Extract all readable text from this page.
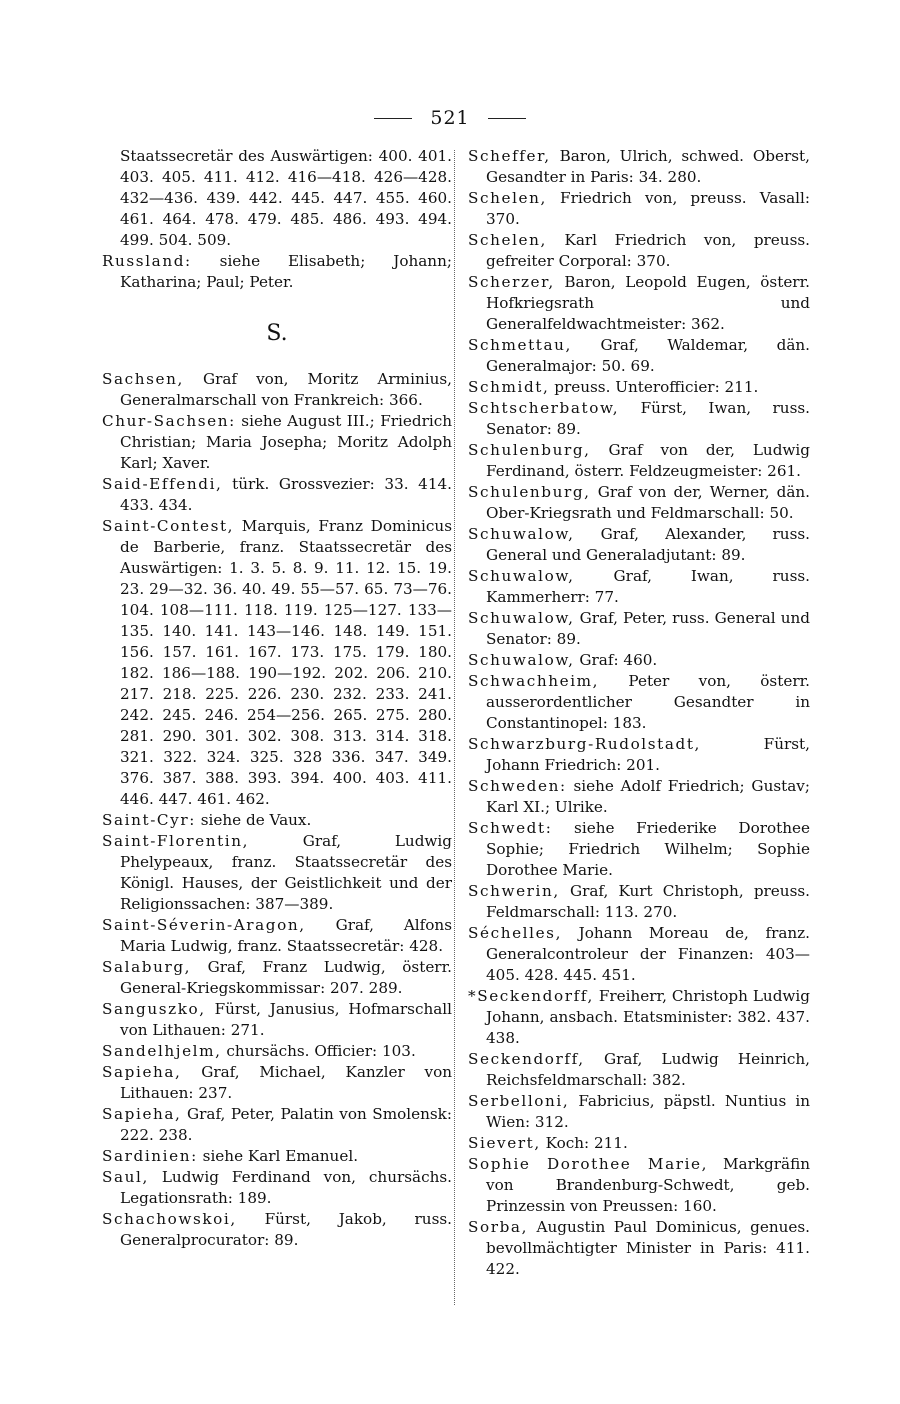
521

Staatssecretär des Auswärtigen: 400. 401. 403. 405. 411. 412. 416—418. 426—428. 432—436. 439. 442. 445. 447. 455. 460. 461. 464. 478. 479. 485. 486. 493. 494. 499. 504. 509.

Russland: siehe Elisabeth; Johann; Katharina; Paul; Peter.

S.

Sachsen, Graf von, Moritz Arminius, Generalmarschall von Frankreich: 366.

Chur-Sachsen: siehe August III.; Friedrich Christian; Maria Josepha; Moritz Adolph Karl; Xaver.

Said-Effendi, türk. Grossvezier: 33. 414. 433. 434.

Saint-Contest, Marquis, Franz Dominicus de Barberie, franz. Staatssecretär des Auswärtigen: 1. 3. 5. 8. 9. 11. 12. 15. 19. 23. 29—32. 36. 40. 49. 55—57. 65. 73—76. 104. 108—111. 118. 119. 125—127. 133—135. 140. 141. 143—146. 148. 149. 151. 156. 157. 161. 167. 173. 175. 179. 180. 182. 186—188. 190—192. 202. 206. 210. 217. 218. 225. 226. 230. 232. 233. 241. 242. 245. 246. 254—256. 265. 275. 280. 281. 290. 301. 302. 308. 313. 314. 318. 321. 322. 324. 325. 328 336. 347. 349. 376. 387. 388. 393. 394. 400. 403. 411. 446. 447. 461. 462.

Saint-Cyr: siehe de Vaux.

Saint-Florentin, Graf, Ludwig Phelypeaux, franz. Staatssecretär des Königl. Hauses, der Geistlichkeit und der Religionssachen: 387—389.

Saint-Séverin-Aragon, Graf, Alfons Maria Ludwig, franz. Staatssecretär: 428.

Salaburg, Graf, Franz Ludwig, österr. General-Kriegskommissar: 207. 289.

Sanguszko, Fürst, Janusius, Hofmarschall von Lithauen: 271.

Sandelhjelm, chursächs. Officier: 103.

Sapieha, Graf, Michael, Kanzler von Lithauen: 237.

Sapieha, Graf, Peter, Palatin von Smolensk: 222. 238.

Sardinien: siehe Karl Emanuel.

Saul, Ludwig Ferdinand von, chursächs. Legationsrath: 189.

Schachowskoi, Fürst, Jakob, russ. Generalprocurator: 89.

Scheffer, Baron, Ulrich, schwed. Oberst, Gesandter in Paris: 34. 280.

Schelen, Friedrich von, preuss. Vasall: 370.

Schelen, Karl Friedrich von, preuss. gefreiter Corporal: 370.

Scherzer, Baron, Leopold Eugen, österr. Hofkriegsrath und Generalfeldwachtmeister: 362.

Schmettau, Graf, Waldemar, dän. Generalmajor: 50. 69.

Schmidt, preuss. Unterofficier: 211.

Schtscherbatow, Fürst, Iwan, russ. Senator: 89.

Schulenburg, Graf von der, Ludwig Ferdinand, österr. Feldzeugmeister: 261.

Schulenburg, Graf von der, Werner, dän. Ober-Kriegsrath und Feldmarschall: 50.

Schuwalow, Graf, Alexander, russ. General und Generaladjutant: 89.

Schuwalow, Graf, Iwan, russ. Kammerherr: 77.

Schuwalow, Graf, Peter, russ. General und Senator: 89.

Schuwalow, Graf: 460.

Schwachheim, Peter von, österr. ausserordentlicher Gesandter in Constantinopel: 183.

Schwarzburg-Rudolstadt, Fürst, Johann Friedrich: 201.

Schweden: siehe Adolf Friedrich; Gustav; Karl XI.; Ulrike.

Schwedt: siehe Friederike Dorothee Sophie; Friedrich Wilhelm; Sophie Dorothee Marie.

Schwerin, Graf, Kurt Christoph, preuss. Feldmarschall: 113. 270.

Séchelles, Johann Moreau de, franz. Generalcontroleur der Finanzen: 403—405. 428. 445. 451.

*Seckendorff, Freiherr, Christoph Ludwig Johann, ansbach. Etatsminister: 382. 437. 438.

Seckendorff, Graf, Ludwig Heinrich, Reichsfeldmarschall: 382.

Serbelloni, Fabricius, päpstl. Nuntius in Wien: 312.

Sievert, Koch: 211.

Sophie Dorothee Marie, Markgräfin von Brandenburg-Schwedt, geb. Prinzessin von Preussen: 160.

Sorba, Augustin Paul Dominicus, genues. bevollmächtigter Minister in Paris: 411. 422.
